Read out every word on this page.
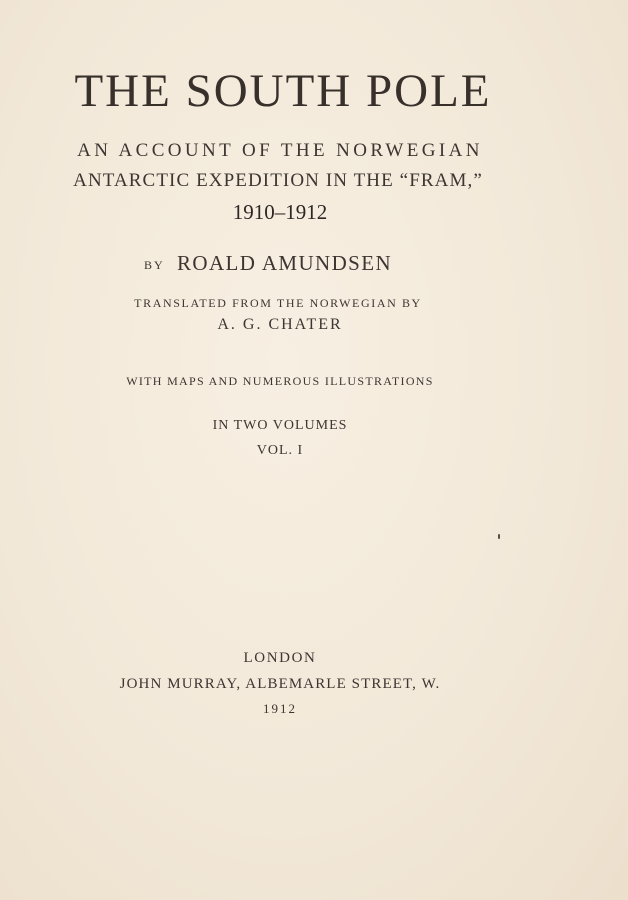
THE SOUTH POLE
AN ACCOUNT OF THE NORWEGIAN
ANTARCTIC EXPEDITION IN THE “FRAM,”
1910–1912
BY ROALD AMUNDSEN
TRANSLATED FROM THE NORWEGIAN BY
A. G. CHATER
WITH MAPS AND NUMEROUS ILLUSTRATIONS
IN TWO VOLUMES
VOL. I
LONDON
JOHN MURRAY, ALBEMARLE STREET, W.
1912
